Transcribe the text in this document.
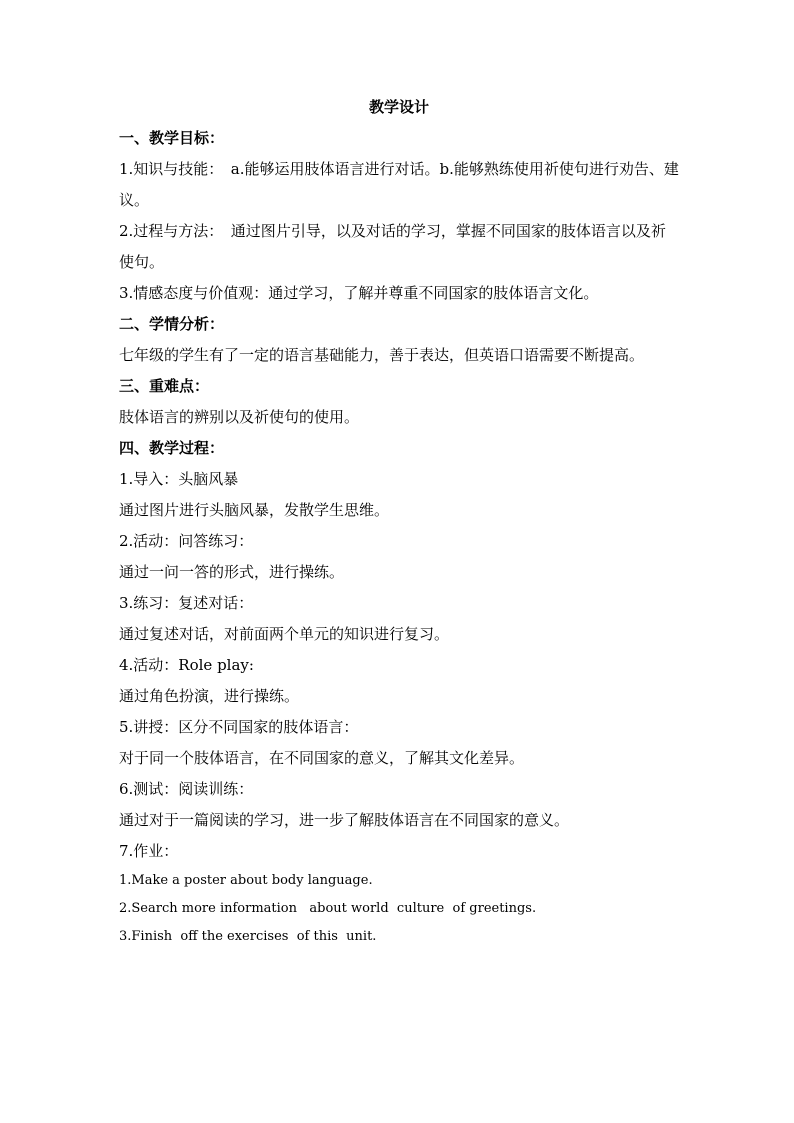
教学设计

一、教学目标：

1.知识与技能：　a.能够运用肢体语言进行对话。b.能够熟练使用祈使句进行劝告、建议。

2.过程与方法：　通过图片引导，以及对话的学习，掌握不同国家的肢体语言以及祈使句。

3.情感态度与价值观：通过学习，了解并尊重不同国家的肢体语言文化。

二、学情分析：

七年级的学生有了一定的语言基础能力，善于表达，但英语口语需要不断提高。

三、重难点：

肢体语言的辨别以及祈使句的使用。

四、教学过程：

1.导入：头脑风暴

通过图片进行头脑风暴，发散学生思维。

2.活动：问答练习：

通过一问一答的形式，进行操练。

3.练习：复述对话：

通过复述对话，对前面两个单元的知识进行复习。

4.活动：Role play:

通过角色扮演，进行操练。

5.讲授：区分不同国家的肢体语言：

对于同一个肢体语言，在不同国家的意义，了解其文化差异。

6.测试：阅读训练：

通过对于一篇阅读的学习，进一步了解肢体语言在不同国家的意义。

7.作业：

1.Make a poster about body language.

2.Search more information   about world  culture  of greetings.

3.Finish  off the exercises  of this  unit.
